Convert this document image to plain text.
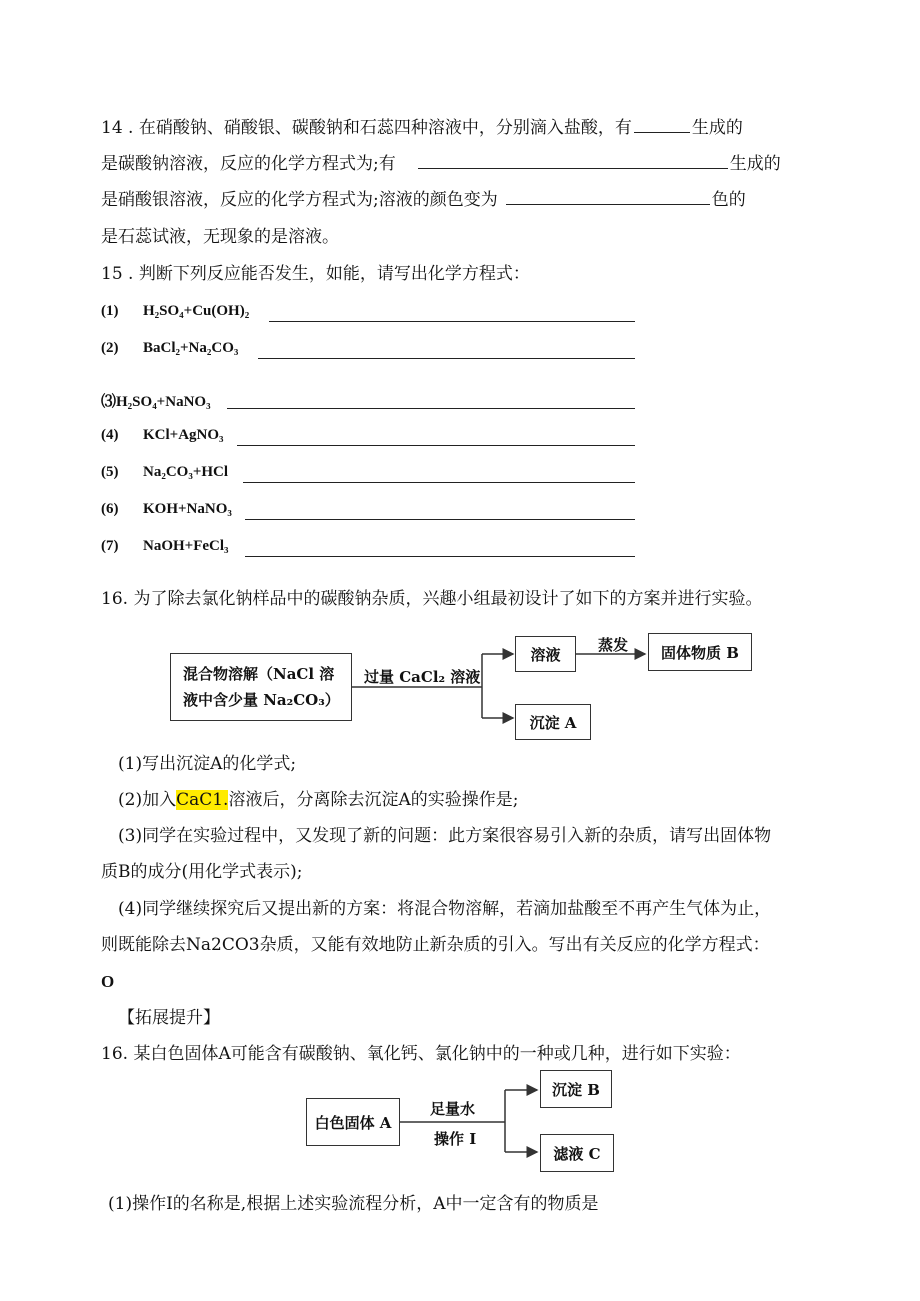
14 . 在硝酸钠、硝酸银、碳酸钠和石蕊四种溶液中，分别滴入盐酸，有	生成的
是碳酸钠溶液，反应的化学方程式为;有	生成的
是硝酸银溶液，反应的化学方程式为;溶液的颜色变为	色的
是石蕊试液，无现象的是溶液。
15 . 判断下列反应能否发生，如能，请写出化学方程式：
(1) H₂SO₄+Cu(OH)₂
(2) BaCl₂+Na₂CO₃
⑶H₂SO₄+NaNO₃
(4) KCl+AgNO₃
(5) Na₂CO₃+HCl
(6) KOH+NaNO₃
(7) NaOH+FeCl₃
16. 为了除去氯化钠样品中的碳酸钠杂质，兴趣小组最初设计了如下的方案并进行实验。
混合物溶解（NaCl 溶
液中含少量 Na₂CO₃）
过量 CaCl₂ 溶液
溶液
蒸发	固体物质 B
沉淀 A
(1)写出沉淀A的化学式;
(2)加入CaC1.溶液后，分离除去沉淀A的实验操作是;
(3)同学在实验过程中，又发现了新的问题：此方案很容易引入新的杂质，请写出固体物
质B的成分(用化学式表示);
(4)同学继续探究后又提出新的方案：将混合物溶解，若滴加盐酸至不再产生气体为止，
则既能除去Na2CO3杂质，又能有效地防止新杂质的引入。写出有关反应的化学方程式：
O
【拓展提升】
16. 某白色固体A可能含有碳酸钠、氧化钙、氯化钠中的一种或几种，进行如下实验：
白色固体 A
足量水
操作 I
沉淀 B
滤液 C
(1)操作I的名称是,根据上述实验流程分析，A中一定含有的物质是
